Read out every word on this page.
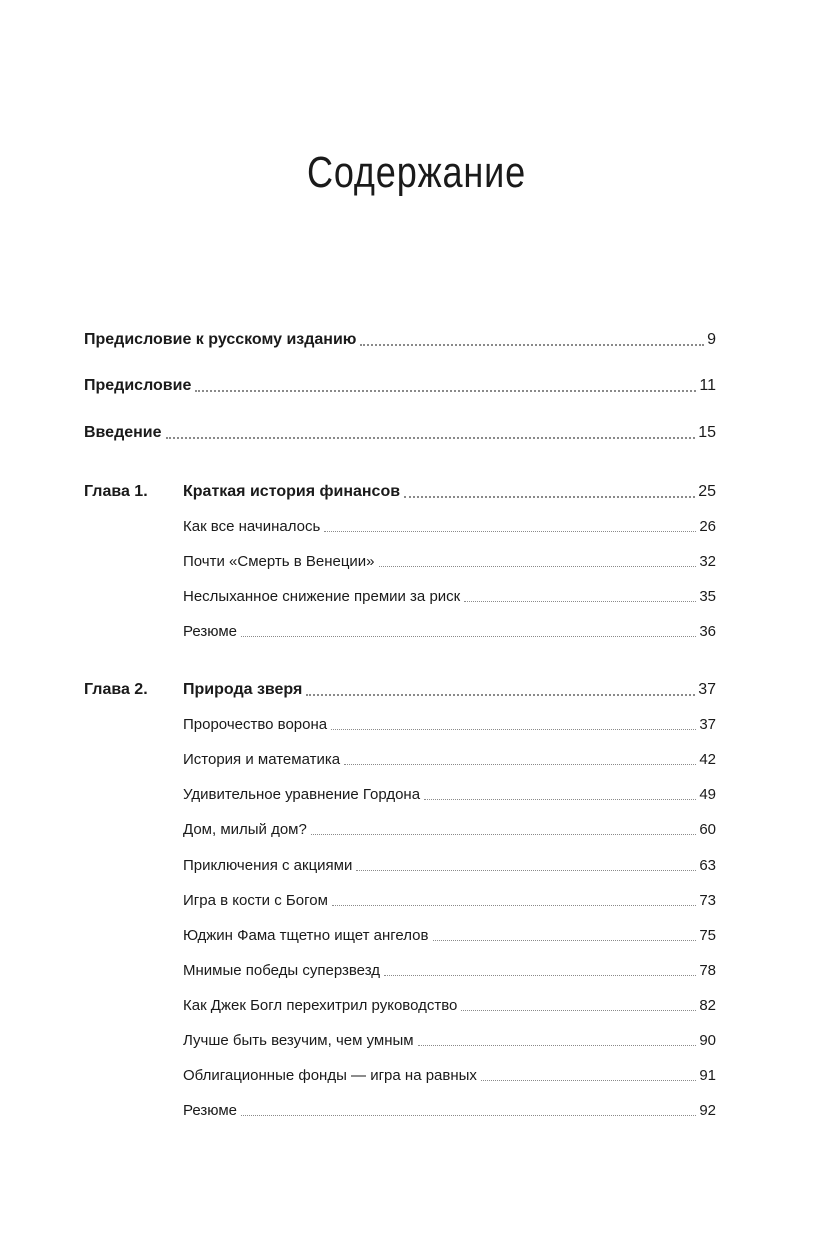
Содержание
Предисловие к русскому изданию	9
Предисловие	11
Введение	15
Глава 1.	Краткая история финансов	25
Как все начиналось	26
Почти «Смерть в Венеции»	32
Неслыханное снижение премии за риск	35
Резюме	36
Глава 2.	Природа зверя	37
Пророчество ворона	37
История и математика	42
Удивительное уравнение Гордона	49
Дом, милый дом?	60
Приключения с акциями	63
Игра в кости с Богом	73
Юджин Фама тщетно ищет ангелов	75
Мнимые победы суперзвезд	78
Как Джек Богл перехитрил руководство	82
Лучше быть везучим, чем умным	90
Облигационные фонды — игра на равных	91
Резюме	92
